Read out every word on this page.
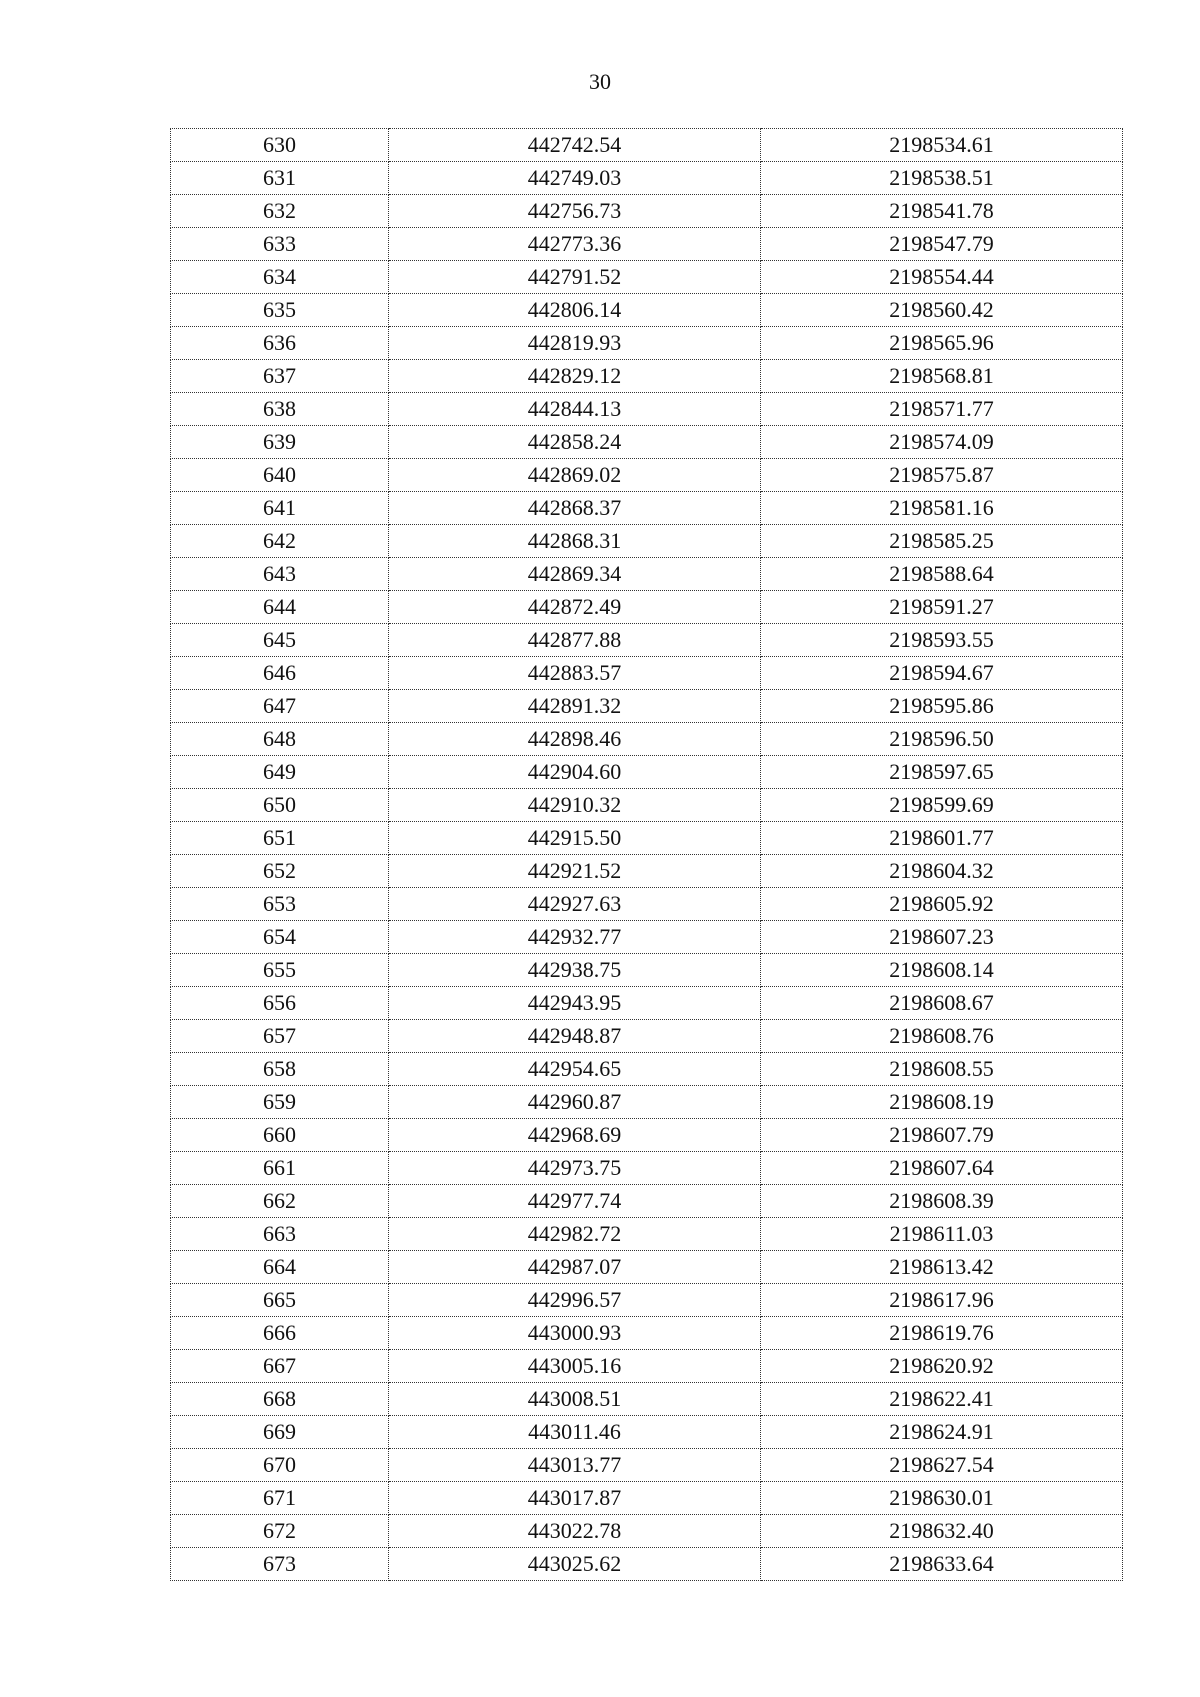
30
630	442742.54	2198534.61
631	442749.03	2198538.51
632	442756.73	2198541.78
633	442773.36	2198547.79
634	442791.52	2198554.44
635	442806.14	2198560.42
636	442819.93	2198565.96
637	442829.12	2198568.81
638	442844.13	2198571.77
639	442858.24	2198574.09
640	442869.02	2198575.87
641	442868.37	2198581.16
642	442868.31	2198585.25
643	442869.34	2198588.64
644	442872.49	2198591.27
645	442877.88	2198593.55
646	442883.57	2198594.67
647	442891.32	2198595.86
648	442898.46	2198596.50
649	442904.60	2198597.65
650	442910.32	2198599.69
651	442915.50	2198601.77
652	442921.52	2198604.32
653	442927.63	2198605.92
654	442932.77	2198607.23
655	442938.75	2198608.14
656	442943.95	2198608.67
657	442948.87	2198608.76
658	442954.65	2198608.55
659	442960.87	2198608.19
660	442968.69	2198607.79
661	442973.75	2198607.64
662	442977.74	2198608.39
663	442982.72	2198611.03
664	442987.07	2198613.42
665	442996.57	2198617.96
666	443000.93	2198619.76
667	443005.16	2198620.92
668	443008.51	2198622.41
669	443011.46	2198624.91
670	443013.77	2198627.54
671	443017.87	2198630.01
672	443022.78	2198632.40
673	443025.62	2198633.64
